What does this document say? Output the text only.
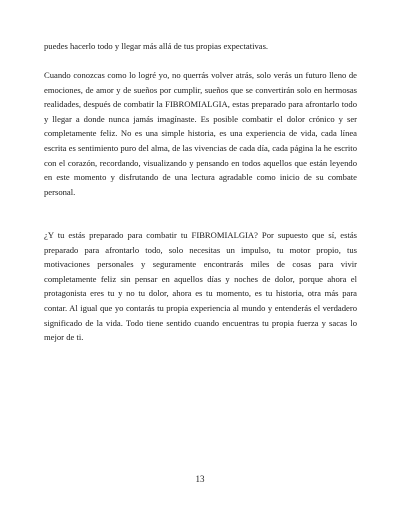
puedes hacerlo todo y llegar más allá de tus propias expectativas.

Cuando conozcas como lo logré yo, no querrás volver atrás, solo verás un futuro lleno de emociones, de amor y de sueños por cumplir, sueños que se convertirán solo en hermosas realidades, después de combatir la FIBROMIALGIA, estas preparado para afrontarlo todo y llegar a donde nunca jamás imagínaste. Es posible combatir el dolor crónico y ser completamente feliz. No es una simple historia, es una experiencia de vida, cada línea escrita es sentimiento puro del alma, de las vivencias de cada día, cada página la he escrito con el corazón, recordando, visualizando y pensando en todos aquellos que están leyendo en este momento y disfrutando de una lectura agradable como inicio de su combate personal.

¿Y tu estás preparado para combatir tu FIBROMIALGIA? Por supuesto que sí, estás preparado para afrontarlo todo, solo necesitas un impulso, tu motor propio, tus motivaciones personales y seguramente encontrarás miles de cosas para vivir completamente feliz sin pensar en aquellos días y noches de dolor, porque ahora el protagonista eres tu y no tu dolor, ahora es tu momento, es tu historia, otra más para contar. Al igual que yo contarás tu propia experiencia al mundo y entenderás el verdadero significado de la vida. Todo tiene sentido cuando encuentras tu propia fuerza y sacas lo mejor de ti.

13
